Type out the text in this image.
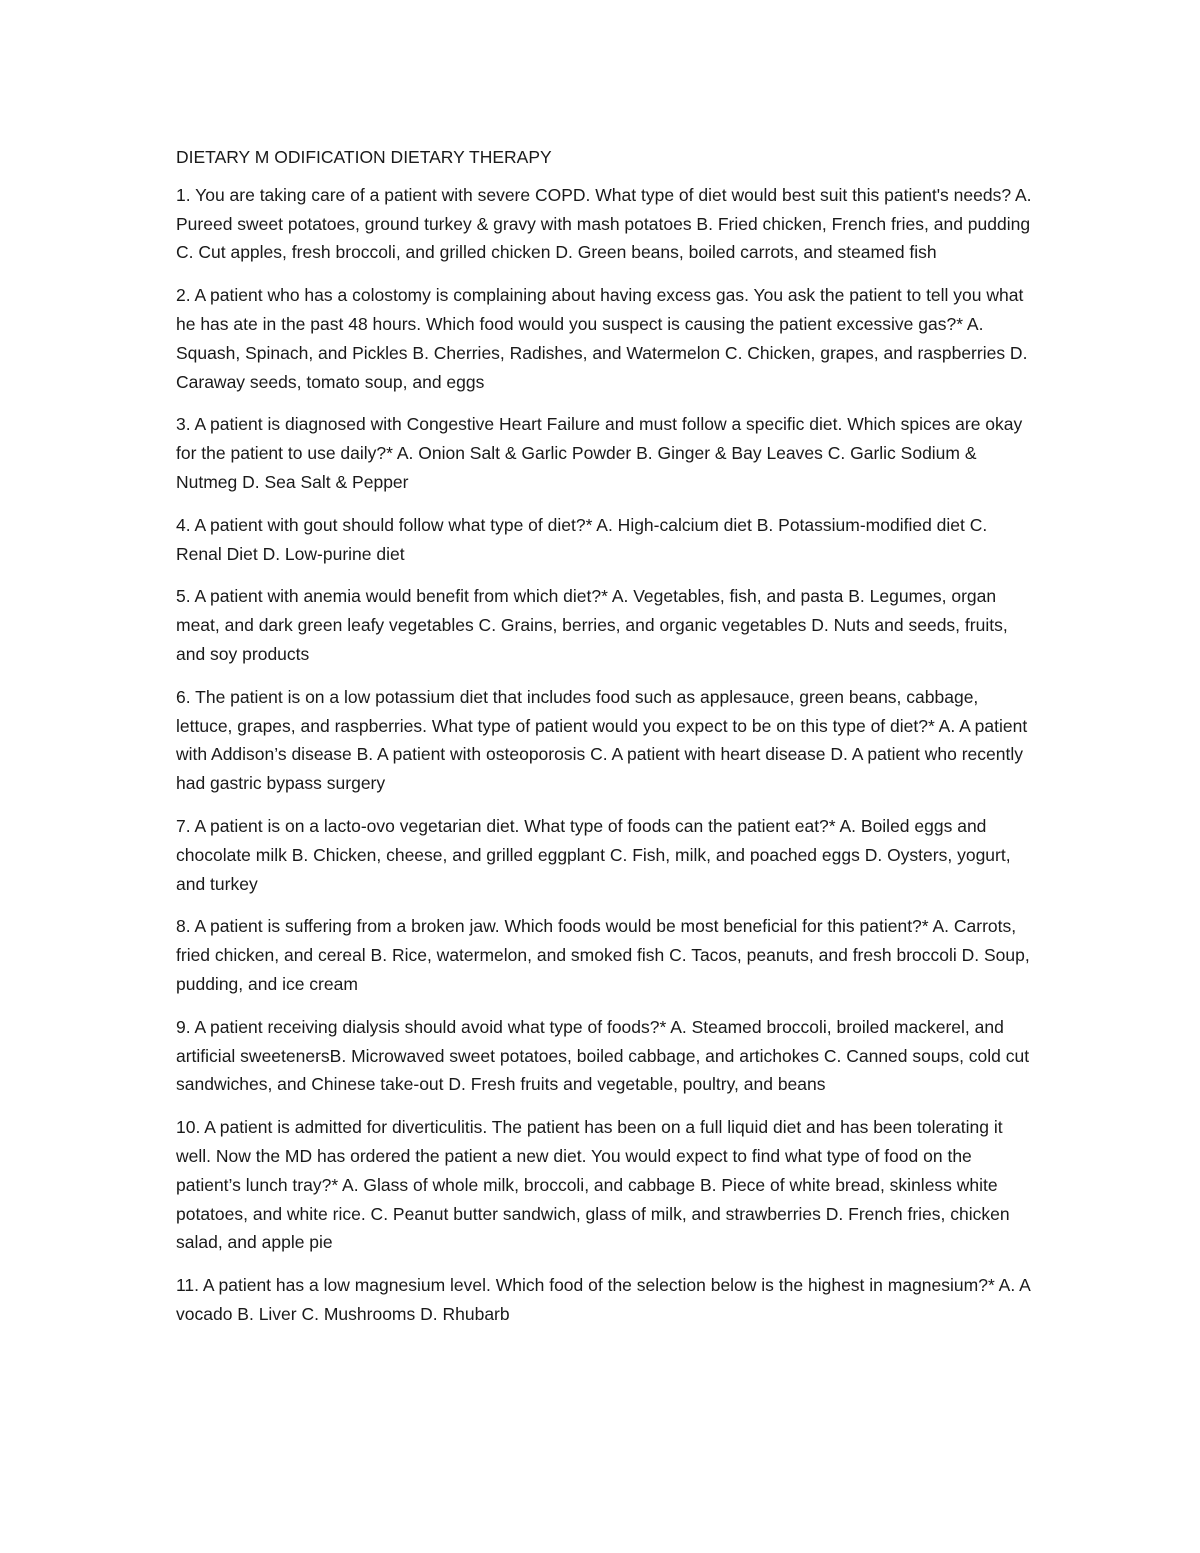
DIETARY M ODIFICATION DIETARY THERAPY

1. You are taking care of a patient with severe COPD. What type of diet would best suit this patient's needs? A. Pureed sweet potatoes, ground turkey & gravy with mash potatoes B. Fried chicken, French fries, and pudding C. Cut apples, fresh broccoli, and grilled chicken D. Green beans, boiled carrots, and steamed fish

2. A patient who has a colostomy is complaining about having excess gas. You ask the patient to tell you what he has ate in the past 48 hours. Which food would you suspect is causing the patient excessive gas?* A. Squash, Spinach, and Pickles B. Cherries, Radishes, and Watermelon C. Chicken, grapes, and raspberries D. Caraway seeds, tomato soup, and eggs

3. A patient is diagnosed with Congestive Heart Failure and must follow a specific diet. Which spices are okay for the patient to use daily?* A. Onion Salt & Garlic Powder B. Ginger & Bay Leaves C. Garlic Sodium & Nutmeg D. Sea Salt & Pepper

4. A patient with gout should follow what type of diet?* A. High-calcium diet B. Potassium-modified diet C. Renal Diet D. Low-purine diet

5. A patient with anemia would benefit from which diet?* A. Vegetables, fish, and pasta B. Legumes, organ meat, and dark green leafy vegetables C. Grains, berries, and organic vegetables D. Nuts and seeds, fruits, and soy products

6. The patient is on a low potassium diet that includes food such as applesauce, green beans, cabbage, lettuce, grapes, and raspberries. What type of patient would you expect to be on this type of diet?* A. A patient with Addison’s disease B. A patient with osteoporosis C. A patient with heart disease D. A patient who recently had gastric bypass surgery

7. A patient is on a lacto-ovo vegetarian diet. What type of foods can the patient eat?* A. Boiled eggs and chocolate milk B. Chicken, cheese, and grilled eggplant C. Fish, milk, and poached eggs D. Oysters, yogurt, and turkey

8. A patient is suffering from a broken jaw. Which foods would be most beneficial for this patient?* A. Carrots, fried chicken, and cereal B. Rice, watermelon, and smoked fish C. Tacos, peanuts, and fresh broccoli D. Soup, pudding, and ice cream

9. A patient receiving dialysis should avoid what type of foods?* A. Steamed broccoli, broiled mackerel, and artificial sweetenersB. Microwaved sweet potatoes, boiled cabbage, and artichokes C. Canned soups, cold cut sandwiches, and Chinese take-out D. Fresh fruits and vegetable, poultry, and beans

10. A patient is admitted for diverticulitis. The patient has been on a full liquid diet and has been tolerating it well. Now the MD has ordered the patient a new diet. You would expect to find what type of food on the patient’s lunch tray?* A. Glass of whole milk, broccoli, and cabbage B. Piece of white bread, skinless white potatoes, and white rice. C. Peanut butter sandwich, glass of milk, and strawberries D. French fries, chicken salad, and apple pie

11. A patient has a low magnesium level. Which food of the selection below is the highest in magnesium?* A. A vocado B. Liver C. Mushrooms D. Rhubarb
